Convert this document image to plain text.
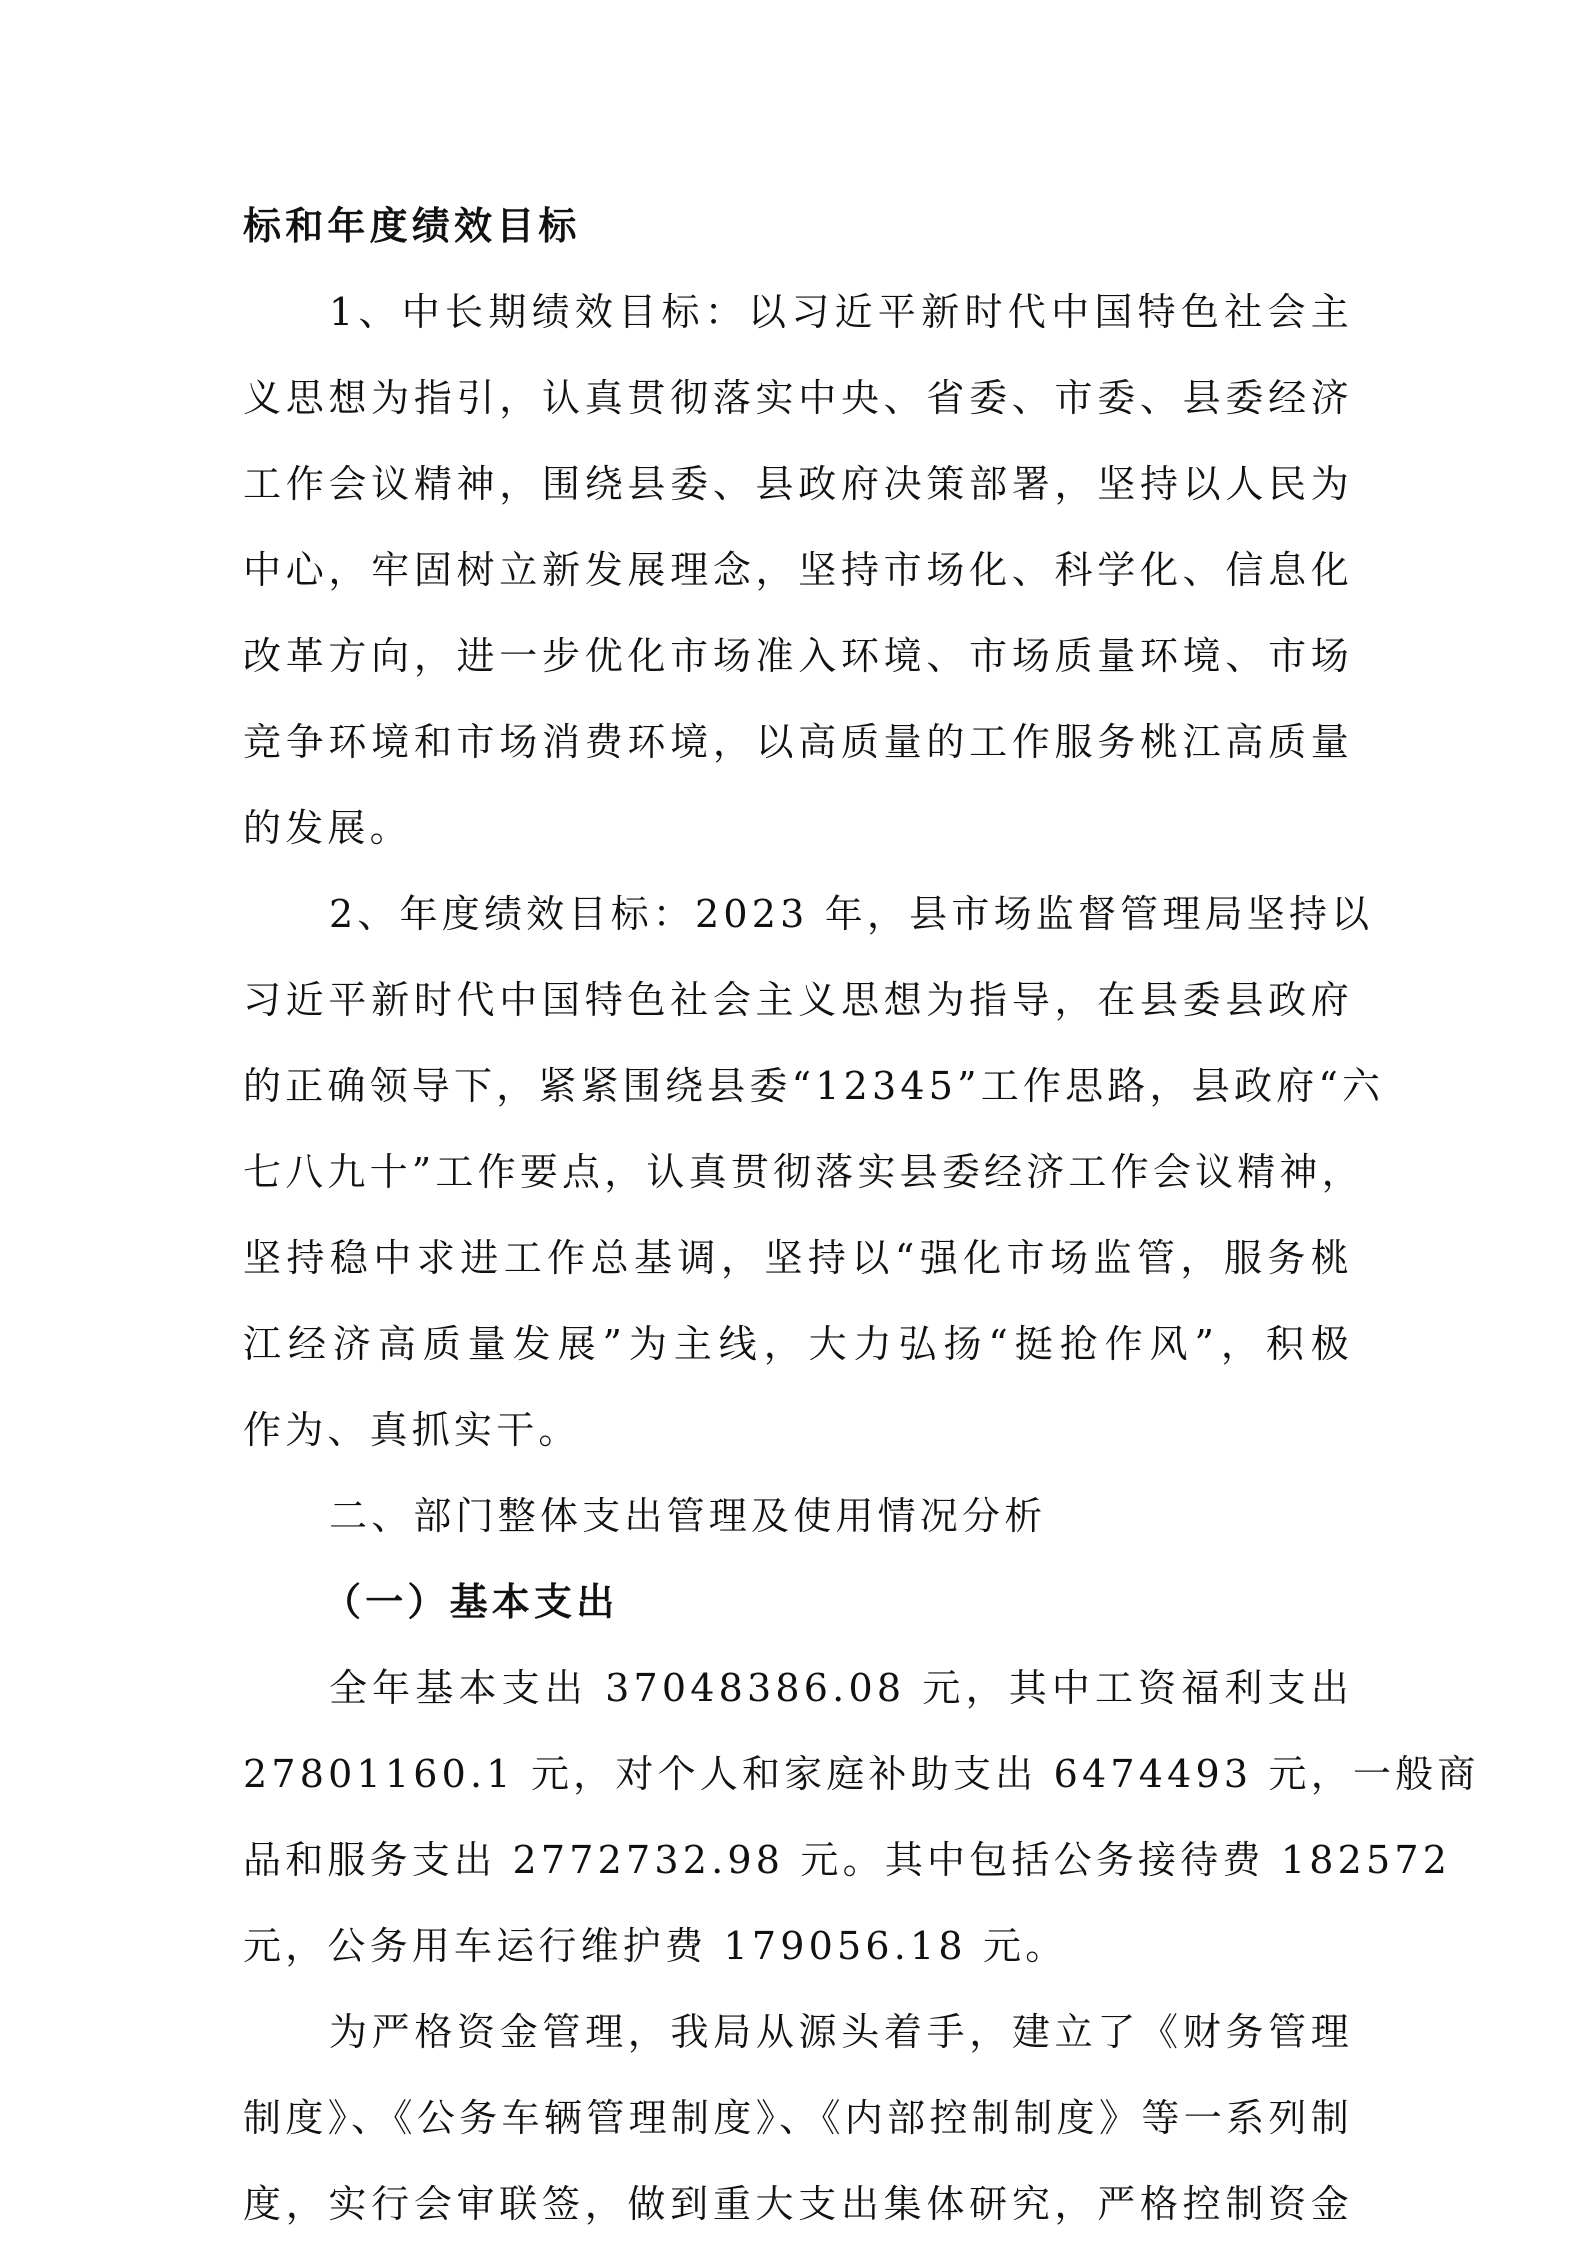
标和年度绩效目标
1、中长期绩效目标：以习近平新时代中国特色社会主
义思想为指引，认真贯彻落实中央、省委、市委、县委经济
工作会议精神，围绕县委、县政府决策部署，坚持以人民为
中心，牢固树立新发展理念，坚持市场化、科学化、信息化
改革方向，进一步优化市场准入环境、市场质量环境、市场
竞争环境和市场消费环境，以高质量的工作服务桃江高质量
的发展。
2、年度绩效目标：2023 年，县市场监督管理局坚持以
习近平新时代中国特色社会主义思想为指导，在县委县政府
的正确领导下，紧紧围绕县委“12345”工作思路，县政府“六
七八九十”工作要点，认真贯彻落实县委经济工作会议精神，
坚持稳中求进工作总基调，坚持以“强化市场监管，服务桃
江经济高质量发展”为主线，大力弘扬“挺抢作风”，积极
作为、真抓实干。
二、部门整体支出管理及使用情况分析
（一）基本支出
全年基本支出 37048386.08 元，其中工资福利支出
27801160.1 元，对个人和家庭补助支出 6474493 元，一般商
品和服务支出 2772732.98 元。其中包括公务接待费 182572
元，公务用车运行维护费 179056.18 元。
为严格资金管理，我局从源头着手，建立了《财务管理
制度》、《公务车辆管理制度》、《内部控制制度》等一系列制
度，实行会审联签，做到重大支出集体研究，严格控制资金
